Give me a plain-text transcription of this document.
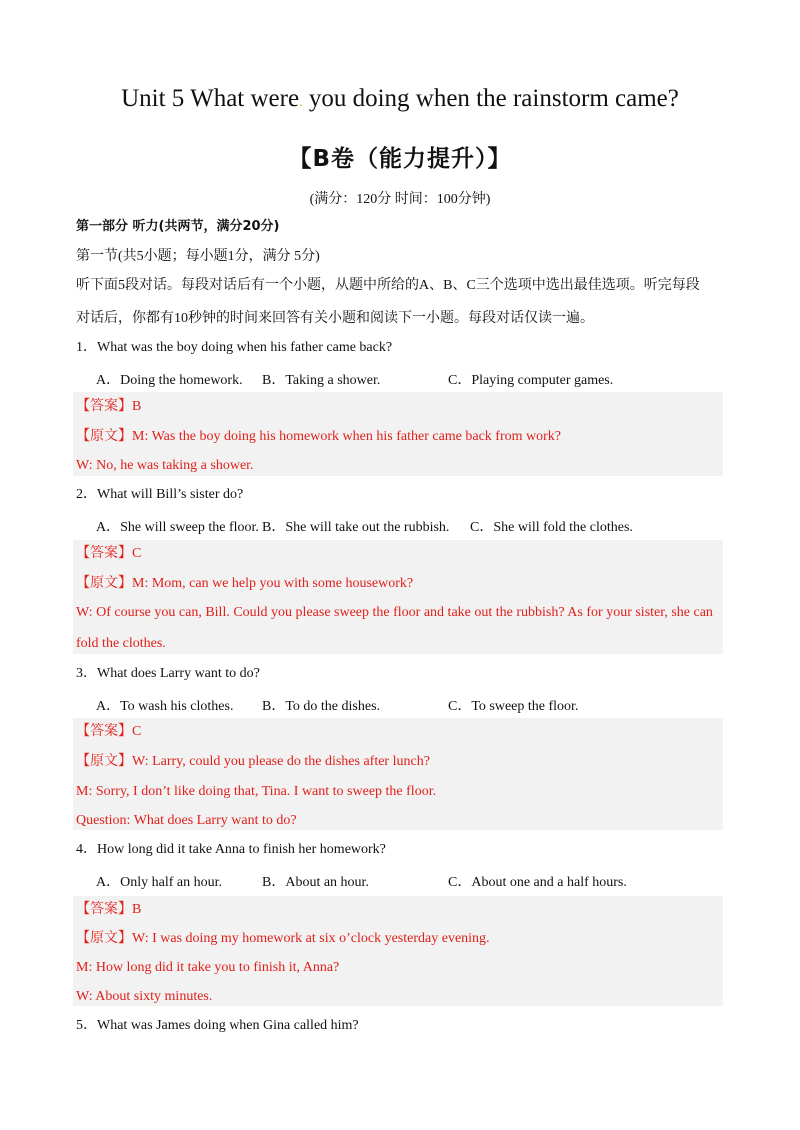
Unit 5 What were. you doing when the rainstorm came?
【B卷（能力提升）】
(满分：120分 时间：100分钟)
第一部分 听力(共两节，满分20分)
第一节(共5小题；每小题1分，满分 5分)
听下面5段对话。每段对话后有一个小题，从题中所给的A、B、C三个选项中选出最佳选项。听完每段
对话后，你都有10秒钟的时间来回答有关小题和阅读下一小题。每段对话仅读一遍。
1．What was the boy doing when his father came back?
A．Doing the homework. B．Taking a shower.	C．Playing computer games.
【答案】B
【原文】M: Was the boy doing his homework when his father came back from work?
W: No, he was taking a shower.
2．What will Bill’s sister do?
A．She will sweep the floor. B．She will take out the rubbish. C．She will fold the clothes.
【答案】C
【原文】M: Mom, can we help you with some housework?
W: Of course you can, Bill. Could you please sweep the floor and take out the rubbish? As for your sister, she can fold the clothes.
3．What does Larry want to do?
A．To wash his clothes. B．To do the dishes.	C．To sweep the floor.
【答案】C
【原文】W: Larry, could you please do the dishes after lunch?
M: Sorry, I don’t like doing that, Tina. I want to sweep the floor.
Question: What does Larry want to do?
4．How long did it take Anna to finish her homework?
A．Only half an hour.	B．About an hour.	C．About one and a half hours.
【答案】B
【原文】W: I was doing my homework at six o’clock yesterday evening.
M: How long did it take you to finish it, Anna?
W: About sixty minutes.
5．What was James doing when Gina called him?
